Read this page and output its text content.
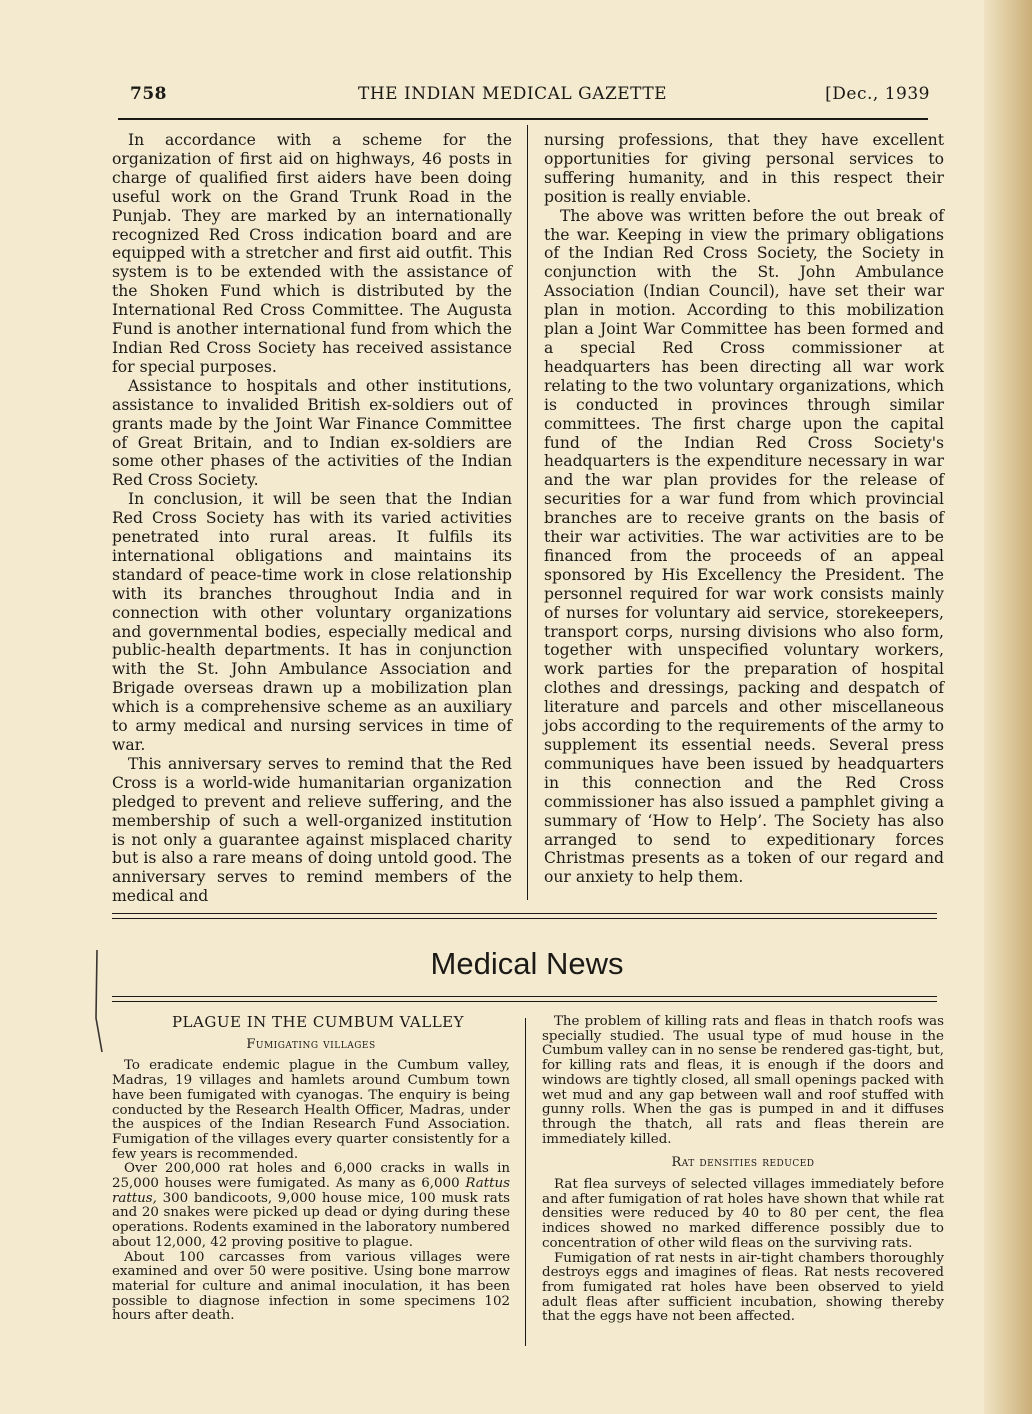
758	THE INDIAN MEDICAL GAZETTE	[Dec., 1939

In accordance with a scheme for the organization of first aid on highways, 46 posts in charge of qualified first aiders have been doing useful work on the Grand Trunk Road in the Punjab. They are marked by an internationally recognized Red Cross indication board and are equipped with a stretcher and first aid outfit. This system is to be extended with the assistance of the Shoken Fund which is distributed by the International Red Cross Committee. The Augusta Fund is another international fund from which the Indian Red Cross Society has received assistance for special purposes.

Assistance to hospitals and other institutions, assistance to invalided British ex-soldiers out of grants made by the Joint War Finance Committee of Great Britain, and to Indian ex-soldiers are some other phases of the activities of the Indian Red Cross Society.

In conclusion, it will be seen that the Indian Red Cross Society has with its varied activities penetrated into rural areas. It fulfils its international obligations and maintains its standard of peace-time work in close relationship with its branches throughout India and in connection with other voluntary organizations and governmental bodies, especially medical and public-health departments. It has in conjunction with the St. John Ambulance Association and Brigade overseas drawn up a mobilization plan which is a comprehensive scheme as an auxiliary to army medical and nursing services in time of war.

This anniversary serves to remind that the Red Cross is a world-wide humanitarian organization pledged to prevent and relieve suffering, and the membership of such a well-organized institution is not only a guarantee against misplaced charity but is also a rare means of doing untold good. The anniversary serves to remind members of the medical and

nursing professions, that they have excellent opportunities for giving personal services to suffering humanity, and in this respect their position is really enviable.

The above was written before the out break of the war. Keeping in view the primary obligations of the Indian Red Cross Society, the Society in conjunction with the St. John Ambulance Association (Indian Council), have set their war plan in motion. According to this mobilization plan a Joint War Committee has been formed and a special Red Cross commissioner at headquarters has been directing all war work relating to the two voluntary organizations, which is conducted in provinces through similar committees. The first charge upon the capital fund of the Indian Red Cross Society's headquarters is the expenditure necessary in war and the war plan provides for the release of securities for a war fund from which provincial branches are to receive grants on the basis of their war activities. The war activities are to be financed from the proceeds of an appeal sponsored by His Excellency the President. The personnel required for war work consists mainly of nurses for voluntary aid service, storekeepers, transport corps, nursing divisions who also form, together with unspecified voluntary workers, work parties for the preparation of hospital clothes and dressings, packing and despatch of literature and parcels and other miscellaneous jobs according to the requirements of the army to supplement its essential needs. Several press communiques have been issued by headquarters in this connection and the Red Cross commissioner has also issued a pamphlet giving a summary of ‘How to Help’. The Society has also arranged to send to expeditionary forces Christmas presents as a token of our regard and our anxiety to help them.

Medical News
PLAGUE IN THE CUMBUM VALLEY
Fumigating villages

To eradicate endemic plague in the Cumbum valley, Madras, 19 villages and hamlets around Cumbum town have been fumigated with cyanogas. The enquiry is being conducted by the Research Health Officer, Madras, under the auspices of the Indian Research Fund Association. Fumigation of the villages every quarter consistently for a few years is recommended.

Over 200,000 rat holes and 6,000 cracks in walls in 25,000 houses were fumigated. As many as 6,000 Rattus rattus, 300 bandicoots, 9,000 house mice, 100 musk rats and 20 snakes were picked up dead or dying during these operations. Rodents examined in the laboratory numbered about 12,000, 42 proving positive to plague.

About 100 carcasses from various villages were examined and over 50 were positive. Using bone marrow material for culture and animal inoculation, it has been possible to diagnose infection in some specimens 102 hours after death.

The problem of killing rats and fleas in thatch roofs was specially studied. The usual type of mud house in the Cumbum valley can in no sense be rendered gas-tight, but, for killing rats and fleas, it is enough if the doors and windows are tightly closed, all small openings packed with wet mud and any gap between wall and roof stuffed with gunny rolls. When the gas is pumped in and it diffuses through the thatch, all rats and fleas therein are immediately killed.

Rat densities reduced

Rat flea surveys of selected villages immediately before and after fumigation of rat holes have shown that while rat densities were reduced by 40 to 80 per cent, the flea indices showed no marked difference possibly due to concentration of other wild fleas on the surviving rats.

Fumigation of rat nests in air-tight chambers thoroughly destroys eggs and imagines of fleas. Rat nests recovered from fumigated rat holes have been observed to yield adult fleas after sufficient incubation, showing thereby that the eggs have not been affected.
